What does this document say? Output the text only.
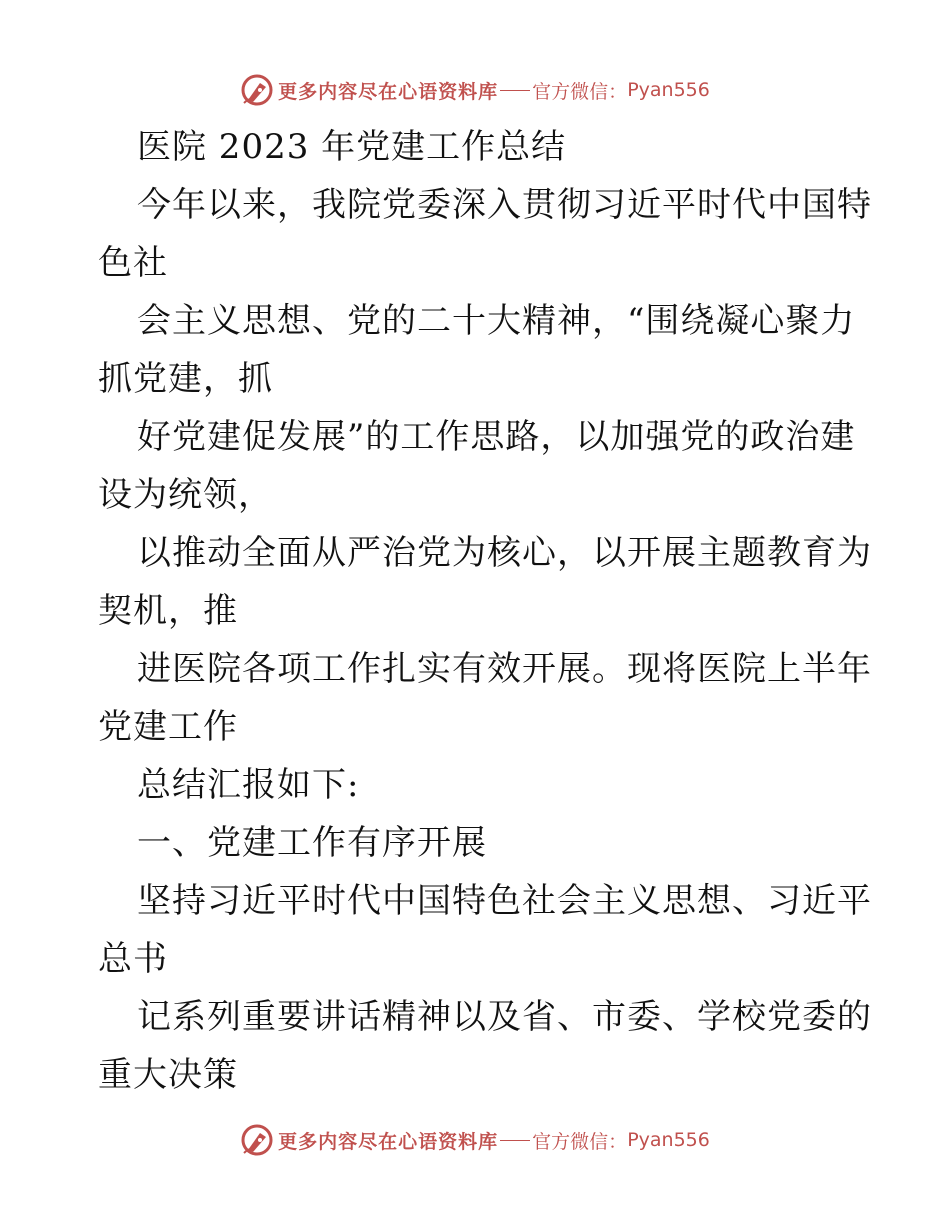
更多内容尽在心语资料库 官方微信： Pyan556
医院 2023 年党建工作总结
今年以来，我院党委深入贯彻习近平时代中国特
色社
会主义思想、党的二十大精神，“围绕凝心聚力
抓党建，抓
好党建促发展”的工作思路，以加强党的政治建
设为统领，
以推动全面从严治党为核心，以开展主题教育为
契机，推
进医院各项工作扎实有效开展。现将医院上半年
党建工作
总结汇报如下:
一、党建工作有序开展
坚持习近平时代中国特色社会主义思想、习近平
总书
记系列重要讲话精神以及省、市委、学校党委的
重大决策
更多内容尽在心语资料库 官方微信： Pyan556
